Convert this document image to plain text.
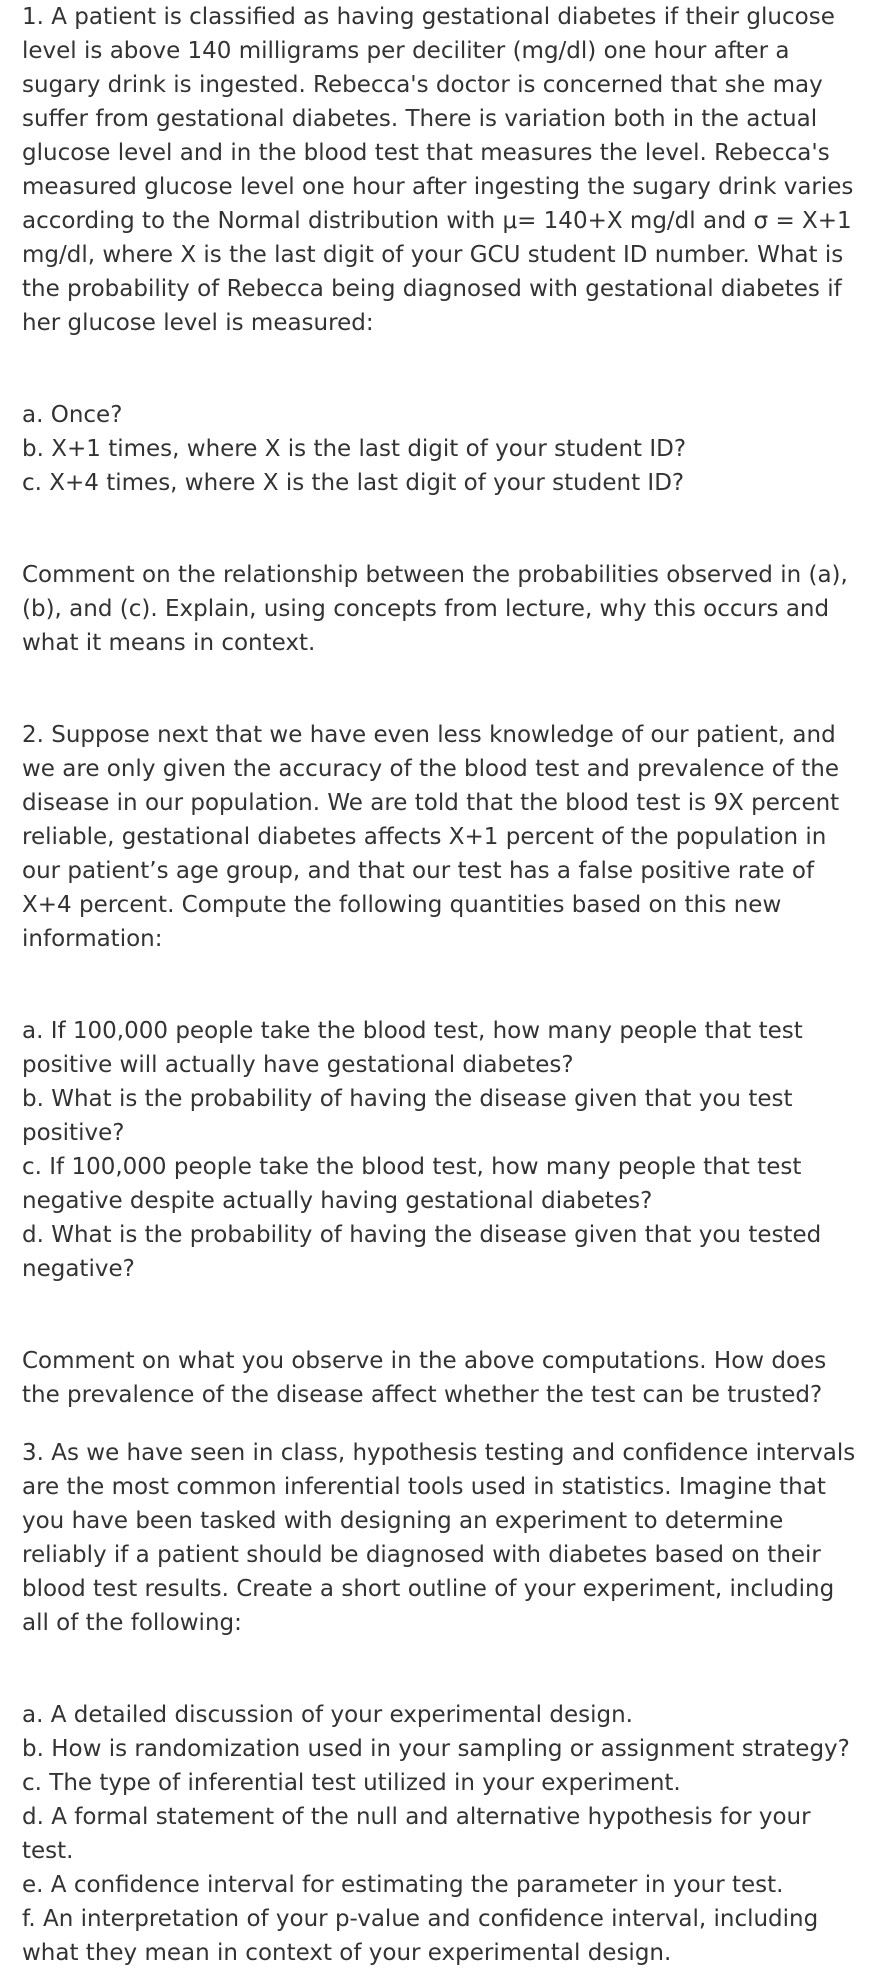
1. A patient is classified as having gestational diabetes if their glucose level is above 140 milligrams per deciliter (mg/dl) one hour after a sugary drink is ingested. Rebecca's doctor is concerned that she may suffer from gestational diabetes. There is variation both in the actual glucose level and in the blood test that measures the level. Rebecca's measured glucose level one hour after ingesting the sugary drink varies according to the Normal distribution with μ= 140+X mg/dl and σ = X+1 mg/dl, where X is the last digit of your GCU student ID number. What is the probability of Rebecca being diagnosed with gestational diabetes if her glucose level is measured:

a. Once?

b. X+1 times, where X is the last digit of your student ID?

c. X+4 times, where X is the last digit of your student ID?

Comment on the relationship between the probabilities observed in (a), (b), and (c). Explain, using concepts from lecture, why this occurs and what it means in context.

2. Suppose next that we have even less knowledge of our patient, and we are only given the accuracy of the blood test and prevalence of the disease in our population. We are told that the blood test is 9X percent reliable, gestational diabetes affects X+1 percent of the population in our patient’s age group, and that our test has a false positive rate of X+4 percent. Compute the following quantities based on this new information:

a. If 100,000 people take the blood test, how many people that test positive will actually have gestational diabetes?

b. What is the probability of having the disease given that you test positive?

c. If 100,000 people take the blood test, how many people that test negative despite actually having gestational diabetes?

d. What is the probability of having the disease given that you tested negative?

Comment on what you observe in the above computations. How does the prevalence of the disease affect whether the test can be trusted?

3. As we have seen in class, hypothesis testing and confidence intervals are the most common inferential tools used in statistics. Imagine that you have been tasked with designing an experiment to determine reliably if a patient should be diagnosed with diabetes based on their blood test results. Create a short outline of your experiment, including all of the following:

a. A detailed discussion of your experimental design.

b. How is randomization used in your sampling or assignment strategy?

c. The type of inferential test utilized in your experiment.

d. A formal statement of the null and alternative hypothesis for your test.

e. A confidence interval for estimating the parameter in your test.

f. An interpretation of your p-value and confidence interval, including what they mean in context of your experimental design.
